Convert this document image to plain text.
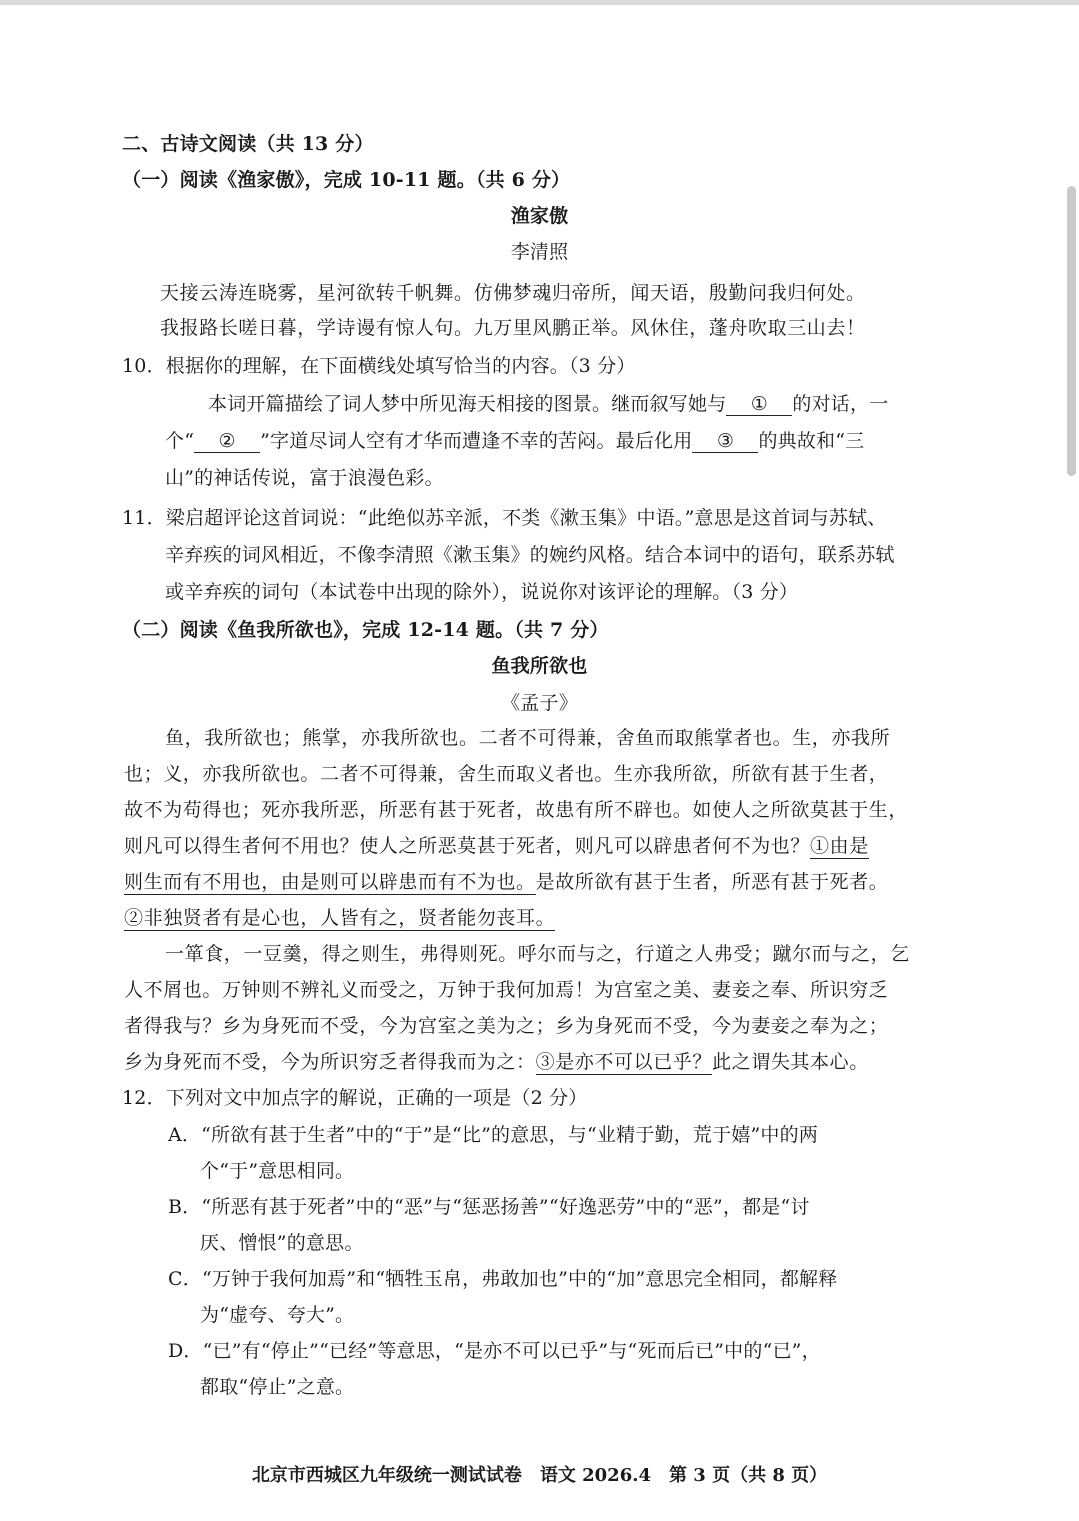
二、古诗文阅读（共 13 分）
（一）阅读《渔家傲》，完成 10-11 题。（共 6 分）
渔家傲
李清照
天接云涛连晓雾，星河欲转千帆舞。仿佛梦魂归帝所，闻天语，殷勤问我归何处。
我报路长嗟日暮，学诗谩有惊人句。九万里风鹏正举。风休住，蓬舟吹取三山去！
10．根据你的理解，在下面横线处填写恰当的内容。（3 分）
本词开篇描绘了词人梦中所见海天相接的图景。继而叙写她与 ① 的对话，一
个“ ② ”字道尽词人空有才华而遭逢不幸的苦闷。最后化用 ③ 的典故和“三
山”的神话传说，富于浪漫色彩。
11．梁启超评论这首词说：“此绝似苏辛派，不类《漱玉集》中语。”意思是这首词与苏轼、
辛弃疾的词风相近，不像李清照《漱玉集》的婉约风格。结合本词中的语句，联系苏轼
或辛弃疾的词句（本试卷中出现的除外），说说你对该评论的理解。（3 分）
（二）阅读《鱼我所欲也》，完成 12-14 题。（共 7 分）
鱼我所欲也
《孟子》
鱼，我所欲也；熊掌，亦我所欲也。二者不可得兼，舍鱼而取熊掌者也。生，亦我所
也；义，亦我所欲也。二者不可得兼，舍生而取义者也。生亦我所欲，所欲有甚于生者，
故不为苟得也；死亦我所恶，所恶有甚于死者，故患有所不辟也。如使人之所欲莫甚于生，
则凡可以得生者何不用也？使人之所恶莫甚于死者，则凡可以辟患者何不为也？①由是
则生而有不用也，由是则可以辟患而有不为也。是故所欲有甚于生者，所恶有甚于死者。
②非独贤者有是心也，人皆有之，贤者能勿丧耳。
一箪食，一豆羹，得之则生，弗得则死。呼尔而与之，行道之人弗受；蹴尔而与之，乞
人不屑也。万钟则不辨礼义而受之，万钟于我何加焉！为宫室之美、妻妾之奉、所识穷乏
者得我与？乡为身死而不受，今为宫室之美为之；乡为身死而不受，今为妻妾之奉为之；
乡为身死而不受，今为所识穷乏者得我而为之：③是亦不可以已乎？此之谓失其本心。
12．下列对文中加点字的解说，正确的一项是（2 分）
A．“所欲有甚于生者”中的“于”是“比”的意思，与“业精于勤，荒于嬉”中的两
个“于”意思相同。
B．“所恶有甚于死者”中的“恶”与“惩恶扬善”“好逸恶劳”中的“恶”，都是“讨
厌、憎恨”的意思。
C．“万钟于我何加焉”和“牺牲玉帛，弗敢加也”中的“加”意思完全相同，都解释
为“虚夸、夸大”。
D．“已”有“停止”“已经”等意思，“是亦不可以已乎”与“死而后已”中的“已”，
都取“停止”之意。
北京市西城区九年级统一测试试卷　语文 2026.4　第 3 页（共 8 页）
